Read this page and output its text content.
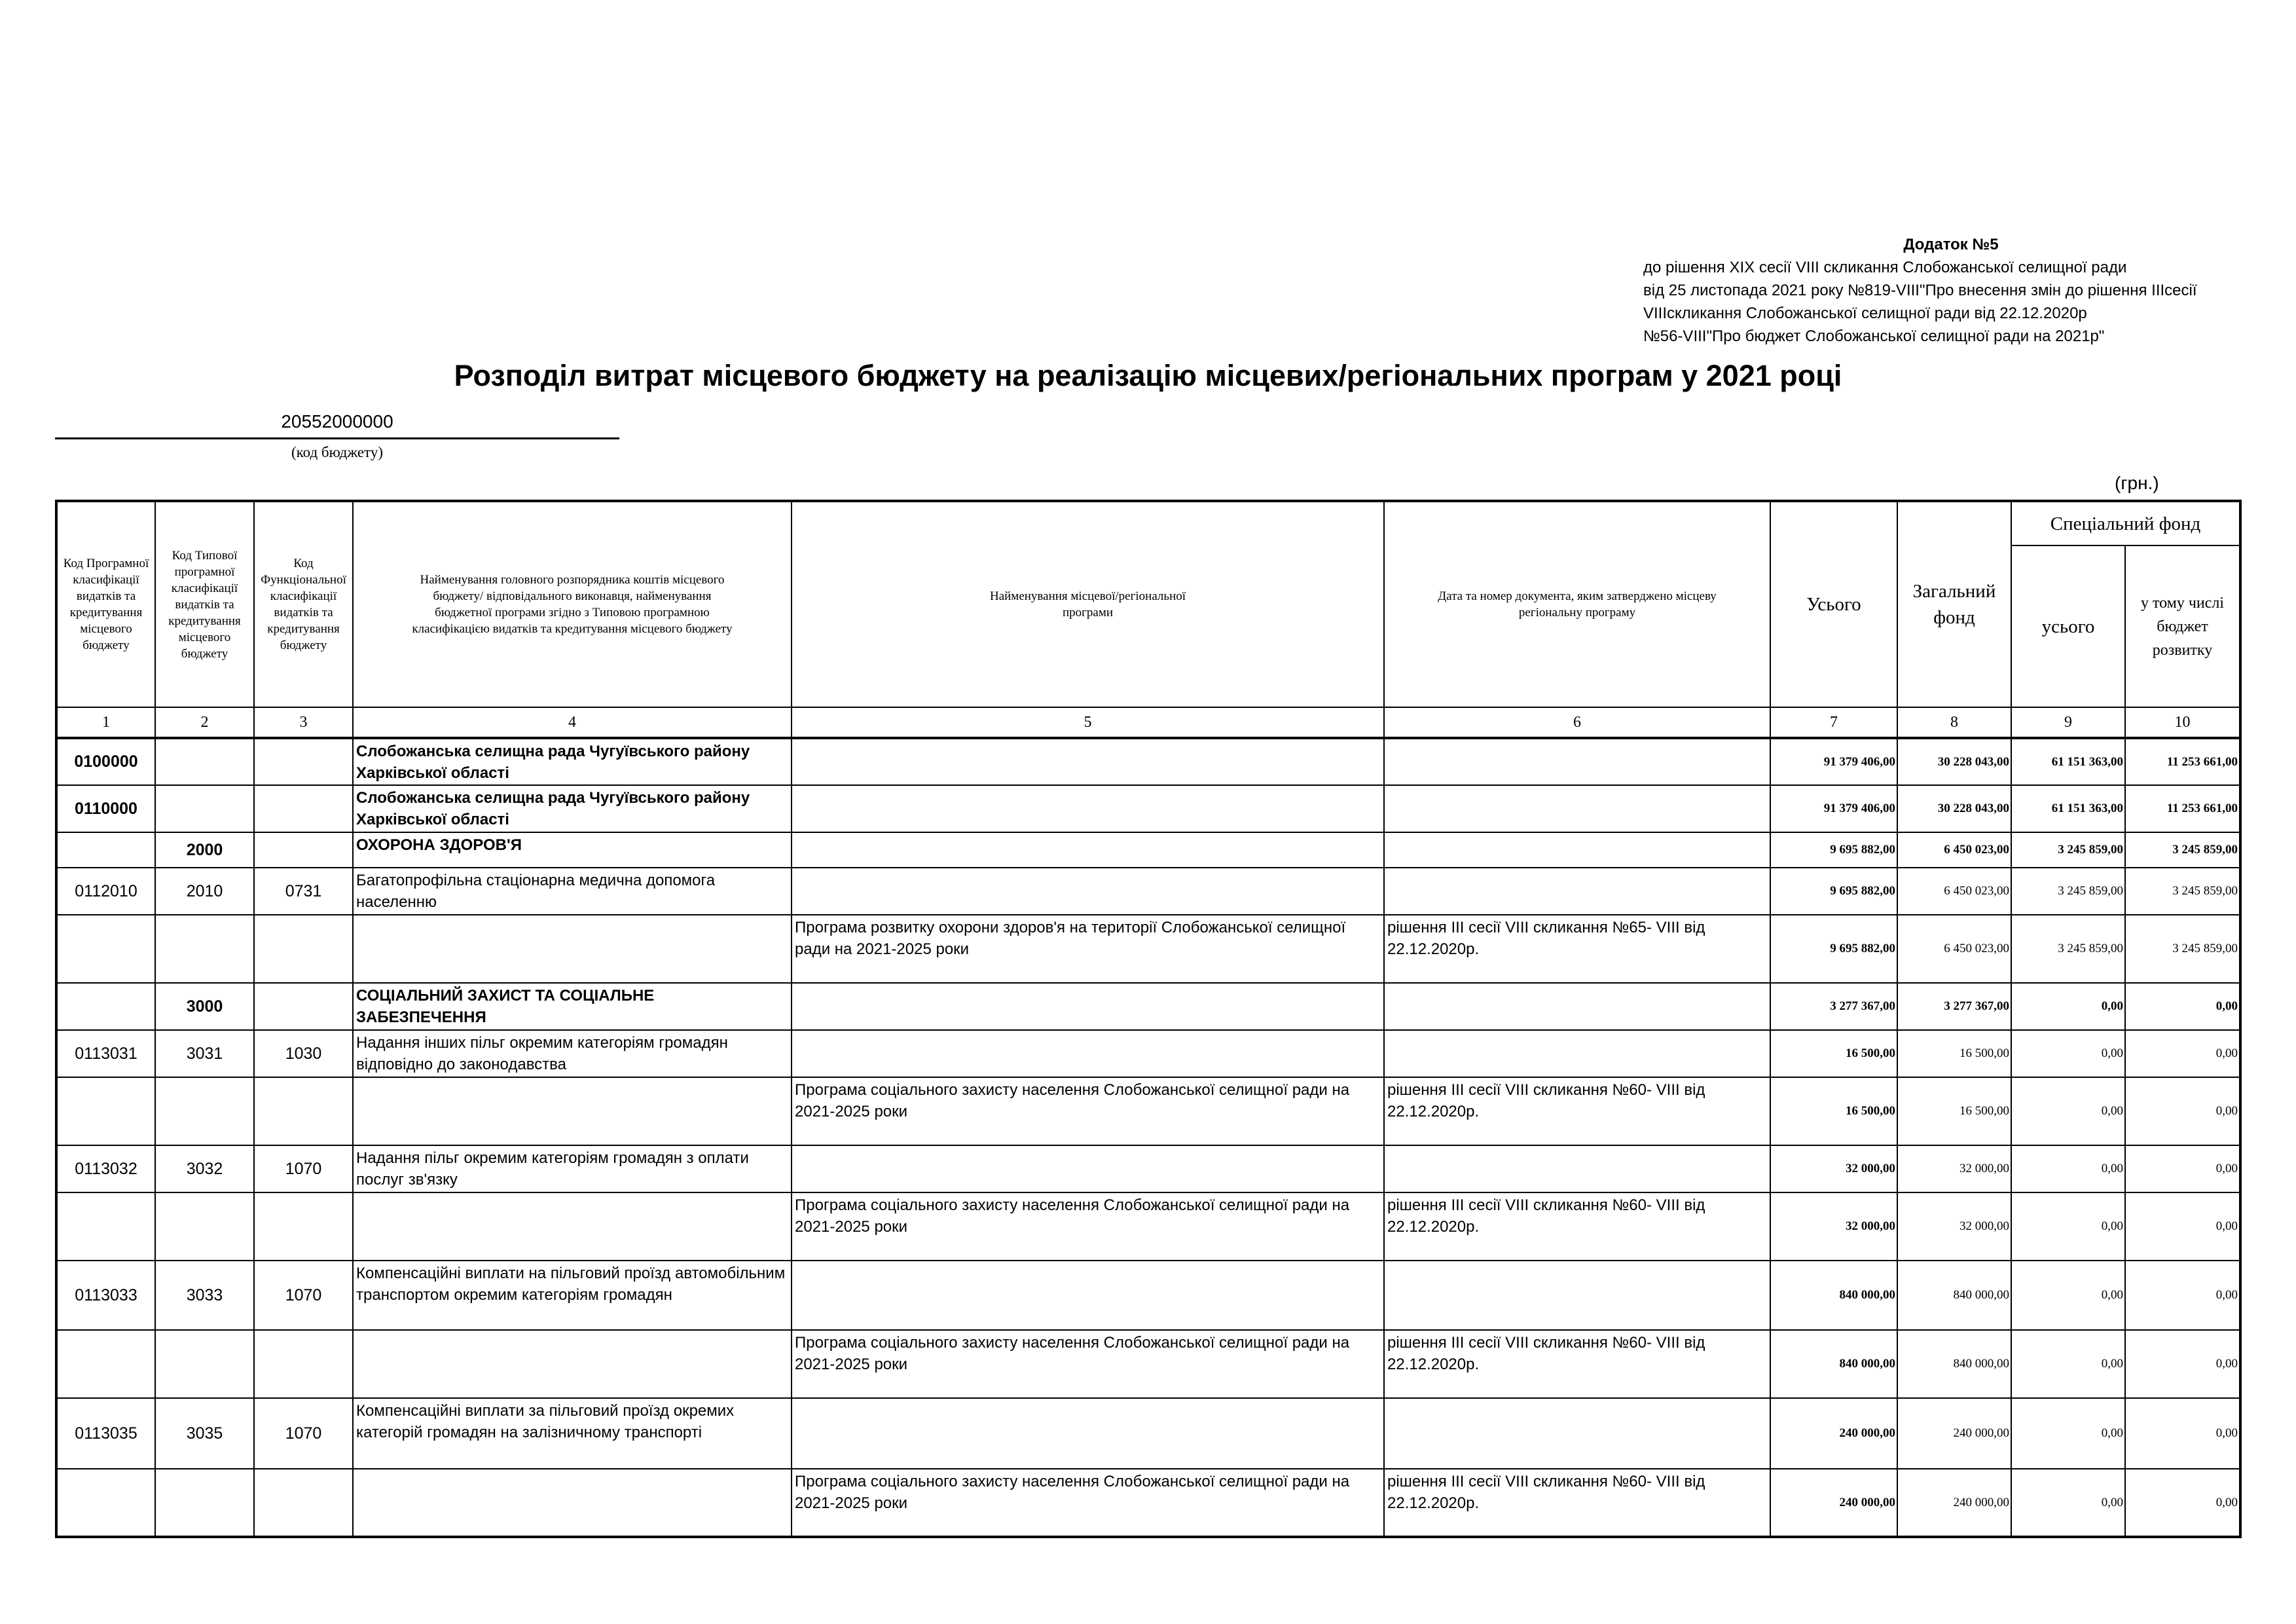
Додаток №5
до рішення XIX сесії VIII скликання Слобожанської селищної ради
від 25 листопада 2021 року №819-VIII"Про внесення змін до рішення IIIсесії
VIIIскликання Слобожанської селищної ради від 22.12.2020р
№56-VIII"Про бюджет Слобожанської селищної ради на 2021р"
Розподіл витрат місцевого бюджету на реалізацію місцевих/регіональних програм у 2021 році
20552000000
(код бюджету)
(грн.)
Код Програмної класифікації видатків та кредитування місцевого бюджету	Код Типової програмної класифікації видатків та кредитування місцевого бюджету	Код Функціональної класифікації видатків та кредитування бюджету	Найменування головного розпорядника коштів місцевого бюджету/ відповідального виконавця, найменування бюджетної програми згідно з Типовою програмною класифікацією видатків та кредитування місцевого бюджету	Найменування місцевої/регіональної програми	Дата та номер документа, яким затверджено місцеву регіональну програму	Усього	Загальний фонд	Спеціальний фонд	
								усього	у тому числі бюджет розвитку
1	2	3	4	5	6	7	8	9	10
0100000			Слобожанська селищна рада Чугуївського району Харківської області			91 379 406,00	30 228 043,00	61 151 363,00	11 253 661,00
0110000			Слобожанська селищна рада Чугуївського району Харківської області			91 379 406,00	30 228 043,00	61 151 363,00	11 253 661,00
	2000		ОХОРОНА ЗДОРОВ'Я			9 695 882,00	6 450 023,00	3 245 859,00	3 245 859,00
0112010	2010	0731	Багатопрофільна стаціонарна медична допомога населенню			9 695 882,00	6 450 023,00	3 245 859,00	3 245 859,00
				Програма розвитку охорони здоров'я на території Слобожанської селищної ради на 2021-2025 роки	рішення III сесії VIII скликання №65- VIII від 22.12.2020р.	9 695 882,00	6 450 023,00	3 245 859,00	3 245 859,00
	3000		СОЦІАЛЬНИЙ ЗАХИСТ ТА СОЦІАЛЬНЕ ЗАБЕЗПЕЧЕННЯ			3 277 367,00	3 277 367,00	0,00	0,00
0113031	3031	1030	Надання інших пільг окремим категоріям громадян відповідно до законодавства			16 500,00	16 500,00	0,00	0,00
				Програма соціального захисту населення Слобожанської селищної ради на 2021-2025 роки	рішення III сесії VIII скликання №60- VIII від 22.12.2020р.	16 500,00	16 500,00	0,00	0,00
0113032	3032	1070	Надання пільг окремим категоріям громадян з оплати послуг зв'язку			32 000,00	32 000,00	0,00	0,00
				Програма соціального захисту населення Слобожанської селищної ради на 2021-2025 роки	рішення III сесії VIII скликання №60- VIII від 22.12.2020р.	32 000,00	32 000,00	0,00	0,00
0113033	3033	1070	Компенсаційні виплати на пільговий проїзд автомобільним транспортом окремим категоріям громадян			840 000,00	840 000,00	0,00	0,00
				Програма соціального захисту населення Слобожанської селищної ради на 2021-2025 роки	рішення III сесії VIII скликання №60- VIII від 22.12.2020р.	840 000,00	840 000,00	0,00	0,00
0113035	3035	1070	Компенсаційні виплати за пільговий проїзд окремих категорій громадян на залізничному транспорті			240 000,00	240 000,00	0,00	0,00
				Програма соціального захисту населення Слобожанської селищної ради на 2021-2025 роки	рішення III сесії VIII скликання №60- VIII від 22.12.2020р.	240 000,00	240 000,00	0,00	0,00
